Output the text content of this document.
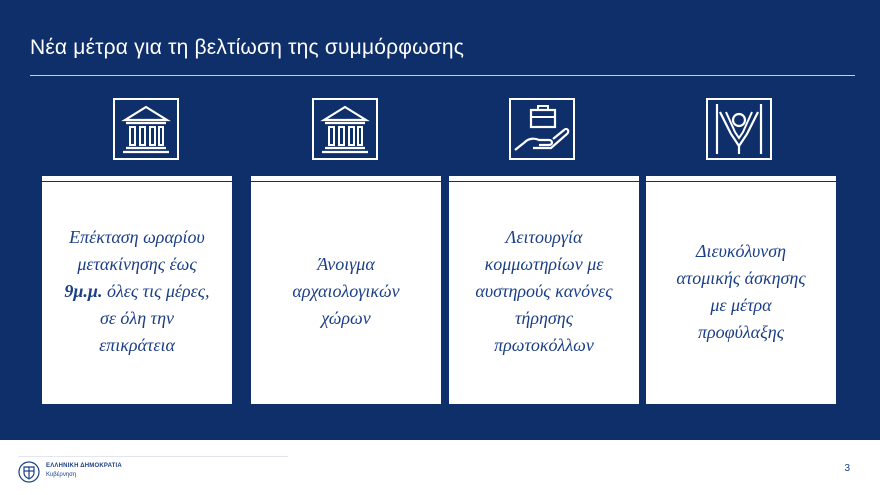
Νέα μέτρα για τη βελτίωση της συμμόρφωσης
Επέκταση ωραρίου
μετακίνησης έως
9μ.μ. όλες τις μέρες,
σε όλη την
επικράτεια
Άνοιγμα
αρχαιολογικών
χώρων
Λειτουργία
κομμωτηρίων με
αυστηρούς κανόνες
τήρησης
πρωτοκόλλων
Διευκόλυνση
ατομικής άσκησης
με μέτρα
προφύλαξης
ΕΛΛΗΝΙΚΗ ΔΗΜΟΚΡΑΤΙΑ
Κυβέρνηση
3
